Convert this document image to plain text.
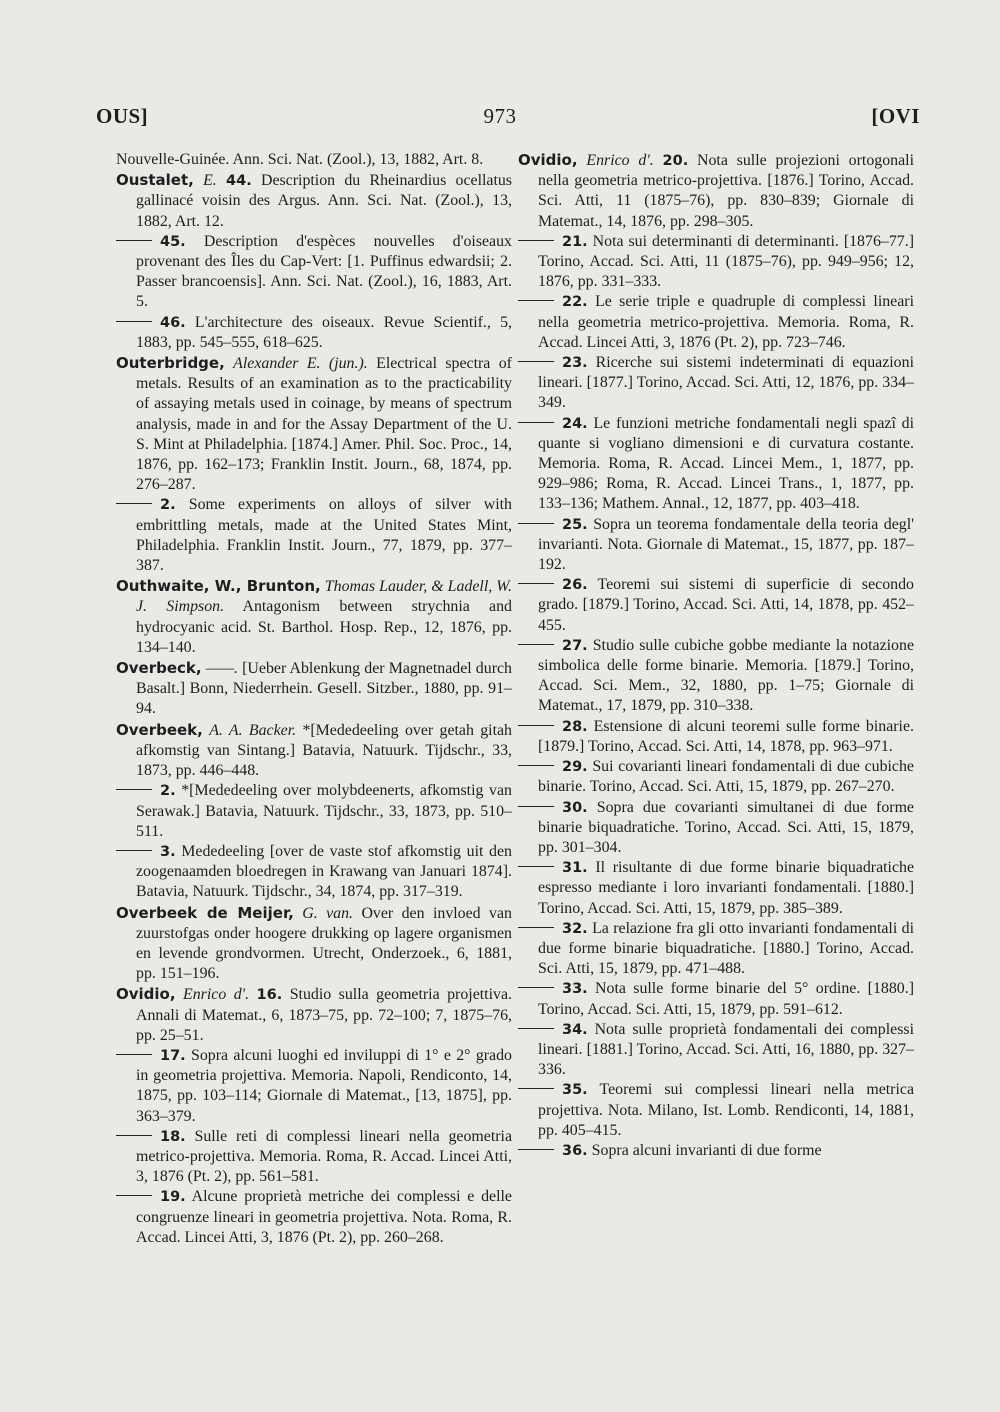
OUS]	973	[OVI

Nouvelle-Guinée. Ann. Sci. Nat. (Zool.), 13, 1882, Art. 8.

Oustalet, E. 44. Description du Rheinardius ocellatus gallinacé voisin des Argus. Ann. Sci. Nat. (Zool.), 13, 1882, Art. 12.

45. Description d'espèces nouvelles d'oiseaux provenant des Îles du Cap-Vert: [1. Puffinus edwardsii; 2. Passer brancoensis]. Ann. Sci. Nat. (Zool.), 16, 1883, Art. 5.

46. L'architecture des oiseaux. Revue Scientif., 5, 1883, pp. 545–555, 618–625.

Outerbridge, Alexander E. (jun.). Electrical spectra of metals. Results of an examination as to the practicability of assaying metals used in coinage, by means of spectrum analysis, made in and for the Assay Department of the U. S. Mint at Philadelphia. [1874.] Amer. Phil. Soc. Proc., 14, 1876, pp. 162–173; Franklin Instit. Journ., 68, 1874, pp. 276–287.

2. Some experiments on alloys of silver with embrittling metals, made at the United States Mint, Philadelphia. Franklin Instit. Journ., 77, 1879, pp. 377–387.

Outhwaite, W., Brunton, Thomas Lauder, & Ladell, W. J. Simpson. Antagonism between strychnia and hydrocyanic acid. St. Barthol. Hosp. Rep., 12, 1876, pp. 134–140.

Overbeck, ——. [Ueber Ablenkung der Magnetnadel durch Basalt.] Bonn, Niederrhein. Gesell. Sitzber., 1880, pp. 91–94.

Overbeek, A. A. Backer. *[Mededeeling over getah gitah afkomstig van Sintang.] Batavia, Natuurk. Tijdschr., 33, 1873, pp. 446–448.

2. *[Mededeeling over molybdeenerts, afkomstig van Serawak.] Batavia, Natuurk. Tijdschr., 33, 1873, pp. 510–511.

3. Mededeeling [over de vaste stof afkomstig uit den zoogenaamden bloedregen in Krawang van Januari 1874]. Batavia, Natuurk. Tijdschr., 34, 1874, pp. 317–319.

Overbeek de Meijer, G. van. Over den invloed van zuurstofgas onder hoogere drukking op lagere organismen en levende grondvormen. Utrecht, Onderzoek., 6, 1881, pp. 151–196.

Ovidio, Enrico d'. 16. Studio sulla geometria projettiva. Annali di Matemat., 6, 1873–75, pp. 72–100; 7, 1875–76, pp. 25–51.

17. Sopra alcuni luoghi ed inviluppi di 1° e 2° grado in geometria projettiva. Memoria. Napoli, Rendiconto, 14, 1875, pp. 103–114; Giornale di Matemat., [13, 1875], pp. 363–379.

18. Sulle reti di complessi lineari nella geometria metrico-projettiva. Memoria. Roma, R. Accad. Lincei Atti, 3, 1876 (Pt. 2), pp. 561–581.

19. Alcune proprietà metriche dei complessi e delle congruenze lineari in geometria projettiva. Nota. Roma, R. Accad. Lincei Atti, 3, 1876 (Pt. 2), pp. 260–268.

Ovidio, Enrico d'. 20. Nota sulle projezioni ortogonali nella geometria metrico-projettiva. [1876.] Torino, Accad. Sci. Atti, 11 (1875–76), pp. 830–839; Giornale di Matemat., 14, 1876, pp. 298–305.

21. Nota sui determinanti di determinanti. [1876–77.] Torino, Accad. Sci. Atti, 11 (1875–76), pp. 949–956; 12, 1876, pp. 331–333.

22. Le serie triple e quadruple di complessi lineari nella geometria metrico-projettiva. Memoria. Roma, R. Accad. Lincei Atti, 3, 1876 (Pt. 2), pp. 723–746.

23. Ricerche sui sistemi indeterminati di equazioni lineari. [1877.] Torino, Accad. Sci. Atti, 12, 1876, pp. 334–349.

24. Le funzioni metriche fondamentali negli spazî di quante si vogliano dimensioni e di curvatura costante. Memoria. Roma, R. Accad. Lincei Mem., 1, 1877, pp. 929–986; Roma, R. Accad. Lincei Trans., 1, 1877, pp. 133–136; Mathem. Annal., 12, 1877, pp. 403–418.

25. Sopra un teorema fondamentale della teoria degl' invarianti. Nota. Giornale di Matemat., 15, 1877, pp. 187–192.

26. Teoremi sui sistemi di superficie di secondo grado. [1879.] Torino, Accad. Sci. Atti, 14, 1878, pp. 452–455.

27. Studio sulle cubiche gobbe mediante la notazione simbolica delle forme binarie. Memoria. [1879.] Torino, Accad. Sci. Mem., 32, 1880, pp. 1–75; Giornale di Matemat., 17, 1879, pp. 310–338.

28. Estensione di alcuni teoremi sulle forme binarie. [1879.] Torino, Accad. Sci. Atti, 14, 1878, pp. 963–971.

29. Sui covarianti lineari fondamentali di due cubiche binarie. Torino, Accad. Sci. Atti, 15, 1879, pp. 267–270.

30. Sopra due covarianti simultanei di due forme binarie biquadratiche. Torino, Accad. Sci. Atti, 15, 1879, pp. 301–304.

31. Il risultante di due forme binarie biquadratiche espresso mediante i loro invarianti fondamentali. [1880.] Torino, Accad. Sci. Atti, 15, 1879, pp. 385–389.

32. La relazione fra gli otto invarianti fondamentali di due forme binarie biquadratiche. [1880.] Torino, Accad. Sci. Atti, 15, 1879, pp. 471–488.

33. Nota sulle forme binarie del 5° ordine. [1880.] Torino, Accad. Sci. Atti, 15, 1879, pp. 591–612.

34. Nota sulle proprietà fondamentali dei complessi lineari. [1881.] Torino, Accad. Sci. Atti, 16, 1880, pp. 327–336.

35. Teoremi sui complessi lineari nella metrica projettiva. Nota. Milano, Ist. Lomb. Rendiconti, 14, 1881, pp. 405–415.

36. Sopra alcuni invarianti di due forme
